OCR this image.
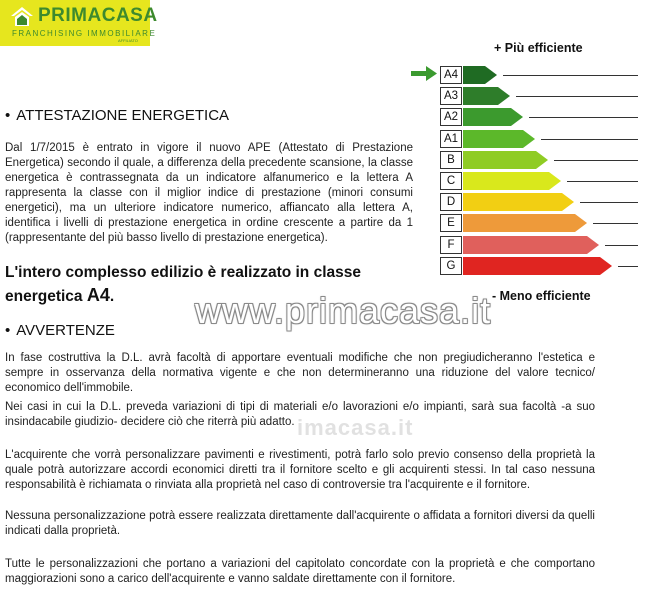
PRIMACASA
FRANCHISING IMMOBILIARE
AFFILIATO
• ATTESTAZIONE ENERGETICA
Dal 1/7/2015 è entrato in vigore il nuovo APE (Attestato di Prestazione Energetica) secondo il quale, a differenza della precedente scansione, la classe energetica è contrassegnata da un indicatore alfanumerico e la lettera A rappresenta la classe con il miglior indice di prestazione (minori consumi energetici), ma un ulteriore indicatore numerico, affiancato alla lettera A, identifica i livelli di prestazione energetica in ordine crescente a partire da 1 (rappresentante del più basso livello di prestazione energetica).
L'intero complesso edilizio è realizzato in classe energetica A4.
• AVVERTENZE
In fase costruttiva la D.L. avrà facoltà di apportare eventuali modifiche che non pregiudicheranno l'estetica e sempre in osservanza della normativa vigente e che non determineranno una riduzione del valore tecnico/ economico dell'immobile.
Nei casi in cui la D.L. preveda variazioni di tipi di materiali e/o lavorazioni e/o impianti, sarà sua facoltà -a suo insindacabile giudizio- decidere ciò che riterrà più adatto.
L'acquirente che vorrà personalizzare pavimenti e rivestimenti, potrà farlo solo previo consenso della proprietà la quale potrà autorizzare accordi economici diretti tra il fornitore scelto e gli acquirenti stessi. In tal caso nessuna responsabilità è richiamata o rinviata alla proprietà nel caso di controversie tra l'acquirente e il fornitore.
Nessuna personalizzazione potrà essere realizzata direttamente dall'acquirente o affidata a fornitori diversi da quelli indicati dalla proprietà.
Tutte le personalizzazioni che portano a variazioni del capitolato concordate con la proprietà e che comportano maggiorazioni sono a carico dell'acquirente e vanno saldate direttamente con il fornitore.
www.primacasa.it
imacasa.it
+ Più efficiente
A4
A3
A2
A1
B
C
D
E
F
G
- Meno efficiente
